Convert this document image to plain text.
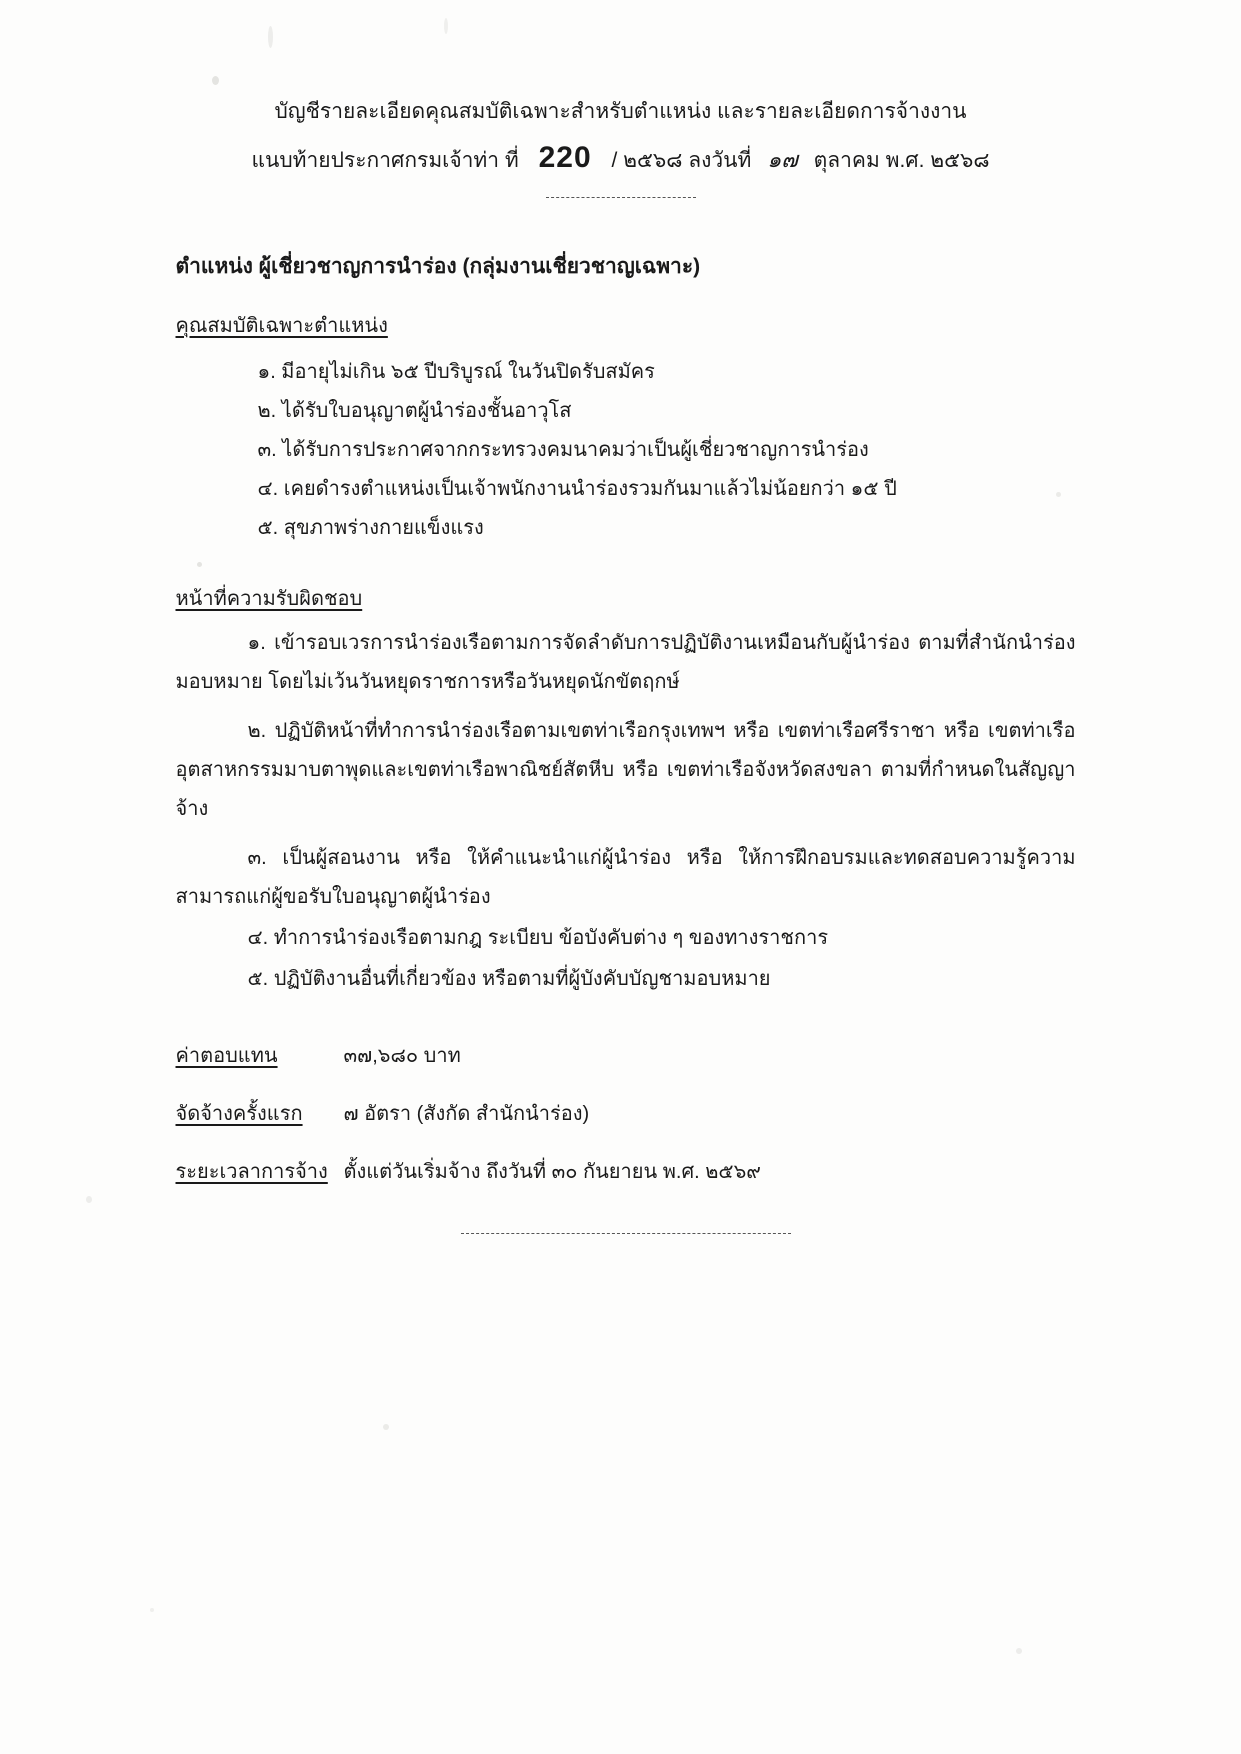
บัญชีรายละเอียดคุณสมบัติเฉพาะสำหรับตำแหน่ง และรายละเอียดการจ้างงาน
แนบท้ายประกาศกรมเจ้าท่า ที่ 220 / ๒๕๖๘ ลงวันที่ ๑๗ ตุลาคม พ.ศ. ๒๕๖๘
ตำแหน่ง ผู้เชี่ยวชาญการนำร่อง (กลุ่มงานเชี่ยวชาญเฉพาะ)
คุณสมบัติเฉพาะตำแหน่ง
๑. มีอายุไม่เกิน ๖๕ ปีบริบูรณ์ ในวันปิดรับสมัคร
๒. ได้รับใบอนุญาตผู้นำร่องชั้นอาวุโส
๓. ได้รับการประกาศจากกระทรวงคมนาคมว่าเป็นผู้เชี่ยวชาญการนำร่อง
๔. เคยดำรงตำแหน่งเป็นเจ้าพนักงานนำร่องรวมกันมาแล้วไม่น้อยกว่า ๑๕ ปี
๕. สุขภาพร่างกายแข็งแรง
หน้าที่ความรับผิดชอบ
๑. เข้ารอบเวรการนำร่องเรือตามการจัดลำดับการปฏิบัติงานเหมือนกับผู้นำร่อง ตามที่สำนักนำร่องมอบหมาย โดยไม่เว้นวันหยุดราชการหรือวันหยุดนักขัตฤกษ์
๒. ปฏิบัติหน้าที่ทำการนำร่องเรือตามเขตท่าเรือกรุงเทพฯ หรือ เขตท่าเรือศรีราชา หรือ เขตท่าเรืออุตสาหกรรมมาบตาพุดและเขตท่าเรือพาณิชย์สัตหีบ หรือ เขตท่าเรือจังหวัดสงขลา ตามที่กำหนดในสัญญาจ้าง
๓. เป็นผู้สอนงาน หรือ ให้คำแนะนำแก่ผู้นำร่อง หรือ ให้การฝึกอบรมและทดสอบความรู้ความสามารถแก่ผู้ขอรับใบอนุญาตผู้นำร่อง
๔. ทำการนำร่องเรือตามกฎ ระเบียบ ข้อบังคับต่าง ๆ ของทางราชการ
๕. ปฏิบัติงานอื่นที่เกี่ยวข้อง หรือตามที่ผู้บังคับบัญชามอบหมาย
ค่าตอบแทน	๓๗,๖๘๐ บาท
จัดจ้างครั้งแรก	๗ อัตรา (สังกัด สำนักนำร่อง)
ระยะเวลาการจ้าง ตั้งแต่วันเริ่มจ้าง ถึงวันที่ ๓๐ กันยายน พ.ศ. ๒๕๖๙
